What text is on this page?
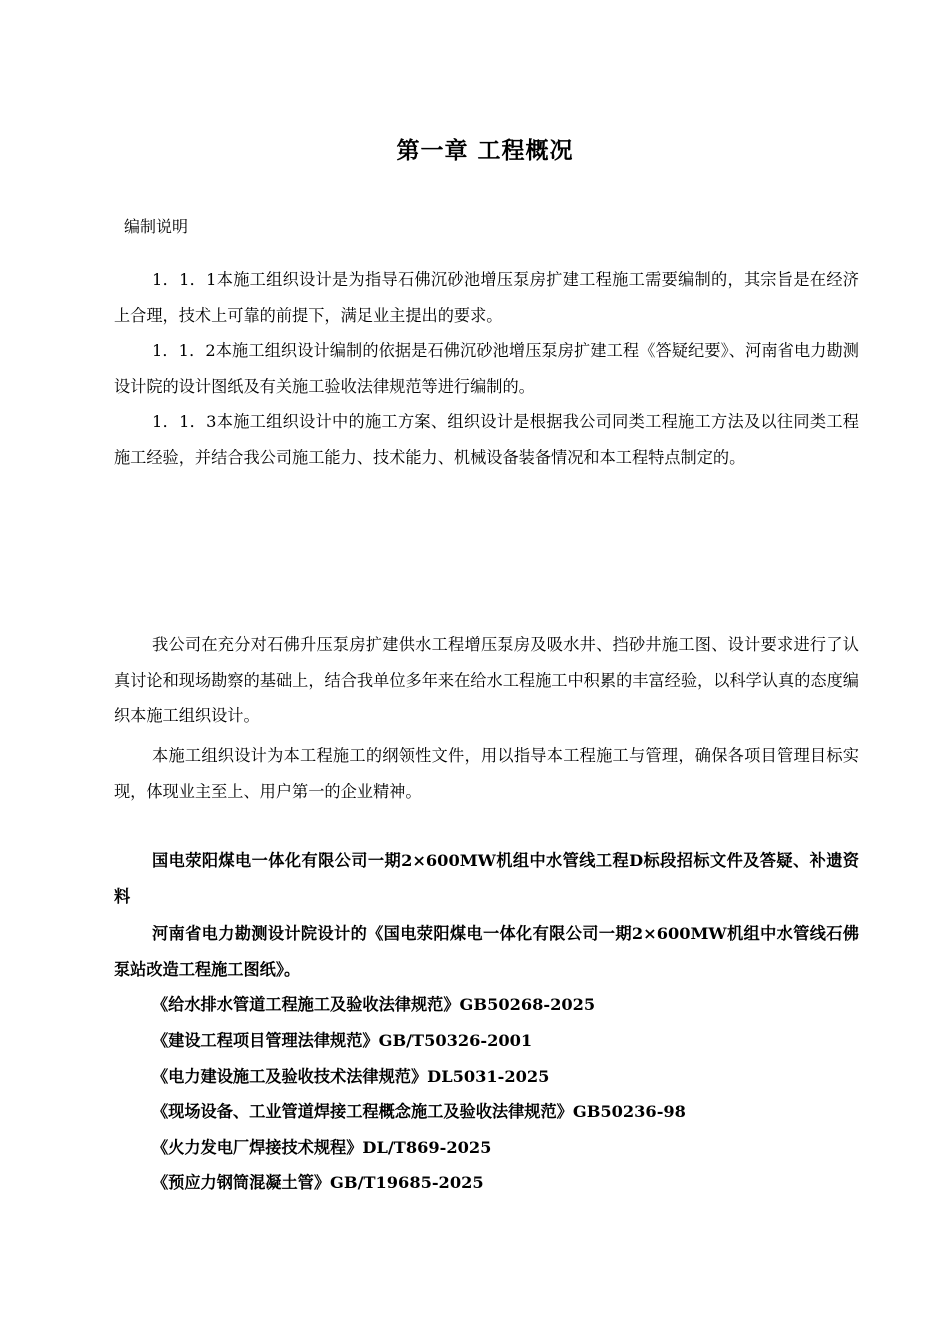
第一章 工程概况
编制说明

1．1．1本施工组织设计是为指导石佛沉砂池增压泵房扩建工程施工需要编制的，其宗旨是在经济上合理，技术上可靠的前提下，满足业主提出的要求。

1．1．2本施工组织设计编制的依据是石佛沉砂池增压泵房扩建工程《答疑纪要》、河南省电力勘测设计院的设计图纸及有关施工验收法律规范等进行编制的。

1．1．3本施工组织设计中的施工方案、组织设计是根据我公司同类工程施工方法及以往同类工程施工经验，并结合我公司施工能力、技术能力、机械设备装备情况和本工程特点制定的。

我公司在充分对石佛升压泵房扩建供水工程增压泵房及吸水井、挡砂井施工图、设计要求进行了认真讨论和现场勘察的基础上，结合我单位多年来在给水工程施工中积累的丰富经验，以科学认真的态度编织本施工组织设计。

本施工组织设计为本工程施工的纲领性文件，用以指导本工程施工与管理，确保各项目管理目标实现，体现业主至上、用户第一的企业精神。

国电荥阳煤电一体化有限公司一期2×600MW机组中水管线工程D标段招标文件及答疑、补遗资料

河南省电力勘测设计院设计的《国电荥阳煤电一体化有限公司一期2×600MW机组中水管线石佛泵站改造工程施工图纸》。

《给水排水管道工程施工及验收法律规范》GB50268-2025
《建设工程项目管理法律规范》GB/T50326-2001
《电力建设施工及验收技术法律规范》DL5031-2025
《现场设备、工业管道焊接工程概念施工及验收法律规范》GB50236-98
《火力发电厂焊接技术规程》DL/T869-2025
《预应力钢筒混凝土管》GB/T19685-2025
